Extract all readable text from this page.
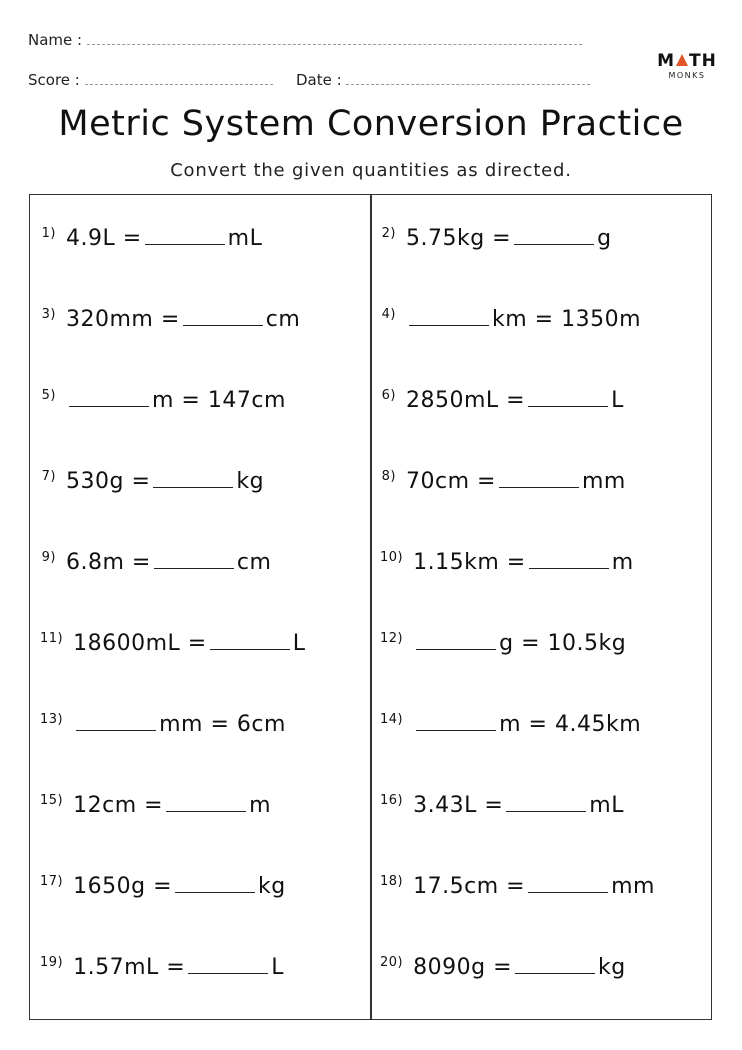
Name :
Score :	Date :
M TH
MONKS
Metric System Conversion Practice
Convert the given quantities as directed.
1) 4.9L =	mL	2) 5.75kg =	g
3) 320mm =	cm	4)	km = 1350m
5)	m = 147cm	6) 2850mL =	L
7) 530g =	kg	8) 70cm =	mm
9) 6.8m =	cm	10) 1.15km =	m
11) 18600mL =	L	12)	g = 10.5kg
13)	mm = 6cm	14)	m = 4.45km
15) 12cm =	m	16) 3.43L =	mL
17) 1650g =	kg	18) 17.5cm =	mm
19) 1.57mL =	L	20) 8090g =	kg
